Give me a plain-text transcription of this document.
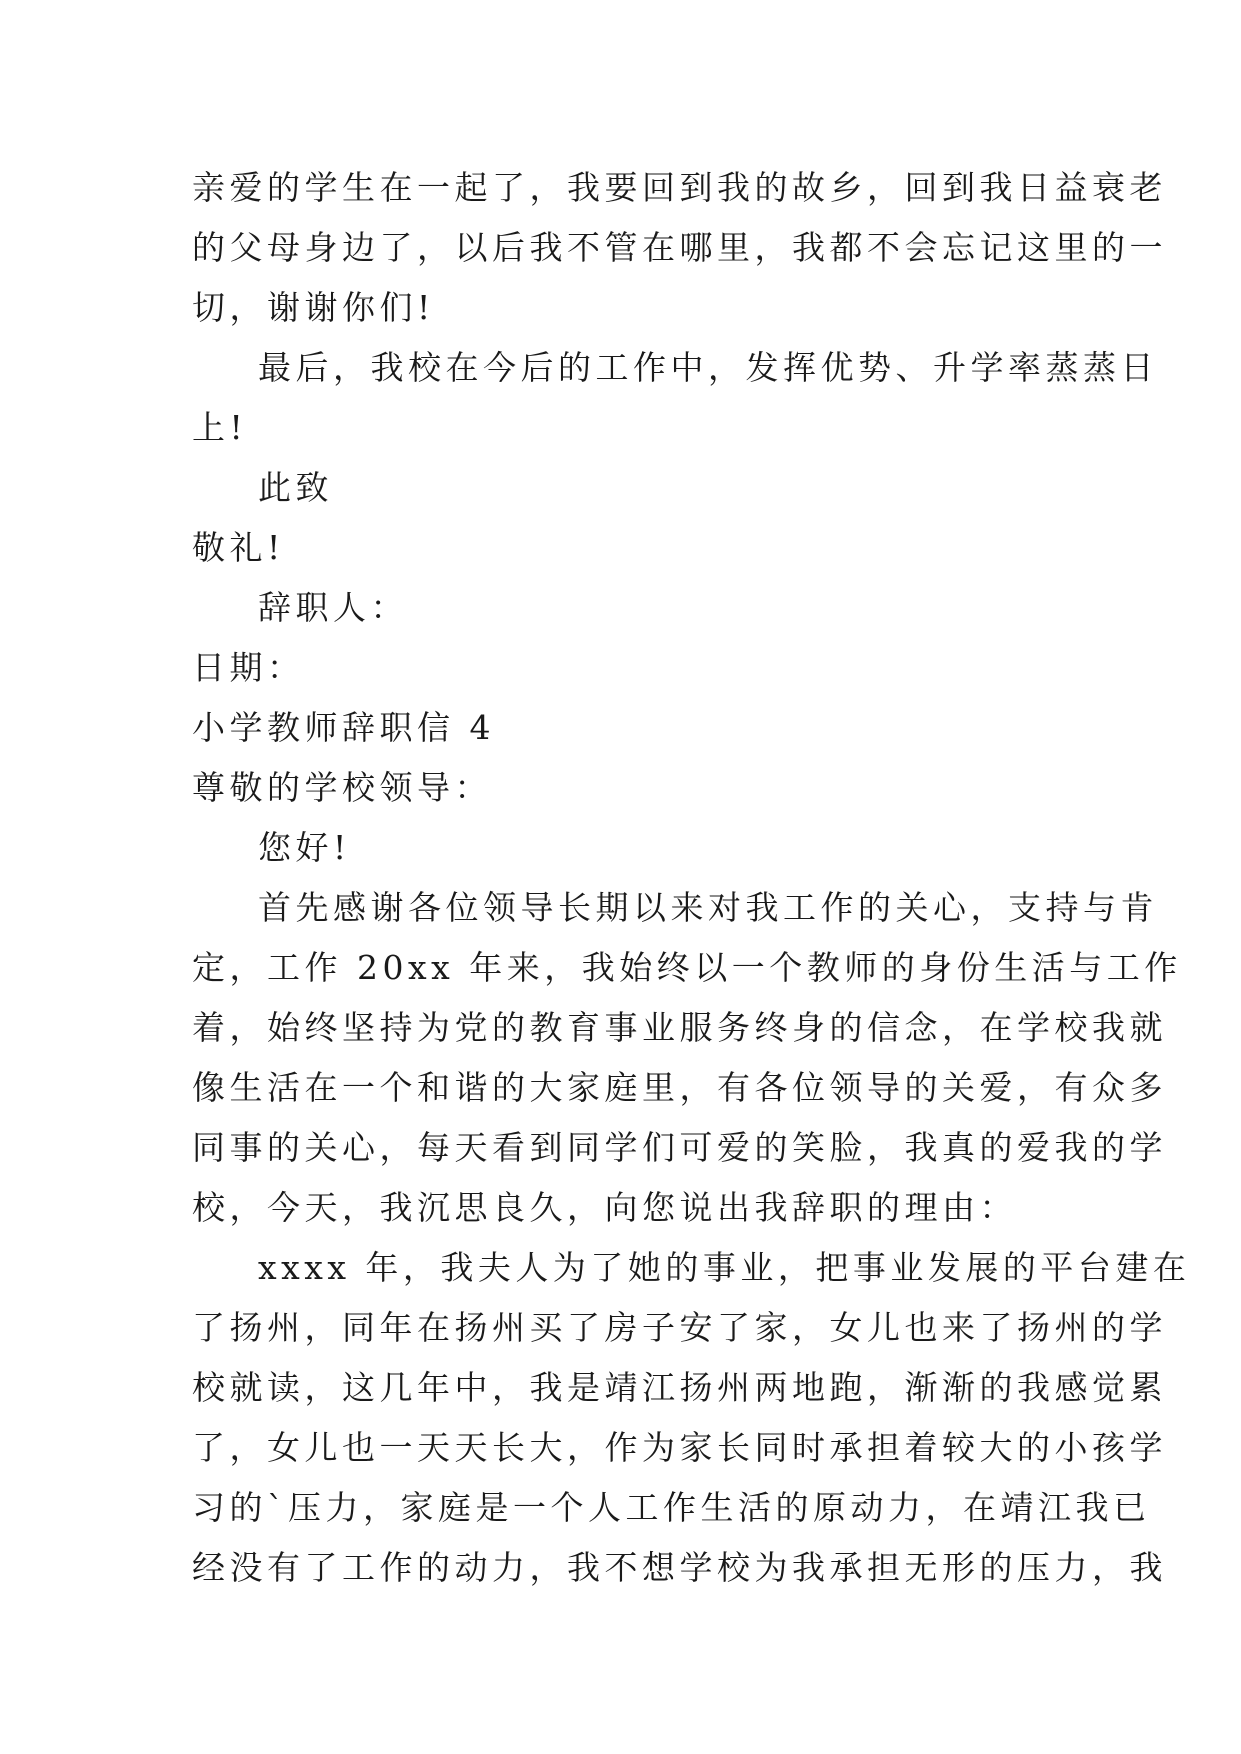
亲爱的学生在一起了，我要回到我的故乡，回到我日益衰老
的父母身边了，以后我不管在哪里，我都不会忘记这里的一
切，谢谢你们!
最后，我校在今后的工作中，发挥优势、升学率蒸蒸日
上!
此致
敬礼!
辞职人：
日期：
小学教师辞职信 4
尊敬的学校领导：
您好!
首先感谢各位领导长期以来对我工作的关心，支持与肯
定，工作 20xx 年来，我始终以一个教师的身份生活与工作
着，始终坚持为党的教育事业服务终身的信念，在学校我就
像生活在一个和谐的大家庭里，有各位领导的关爱，有众多
同事的关心，每天看到同学们可爱的笑脸，我真的爱我的学
校，今天，我沉思良久，向您说出我辞职的理由：
xxxx 年，我夫人为了她的事业，把事业发展的平台建在
了扬州，同年在扬州买了房子安了家，女儿也来了扬州的学
校就读，这几年中，我是靖江扬州两地跑，渐渐的我感觉累
了，女儿也一天天长大，作为家长同时承担着较大的小孩学
习的`压力，家庭是一个人工作生活的原动力，在靖江我已
经没有了工作的动力，我不想学校为我承担无形的压力，我
